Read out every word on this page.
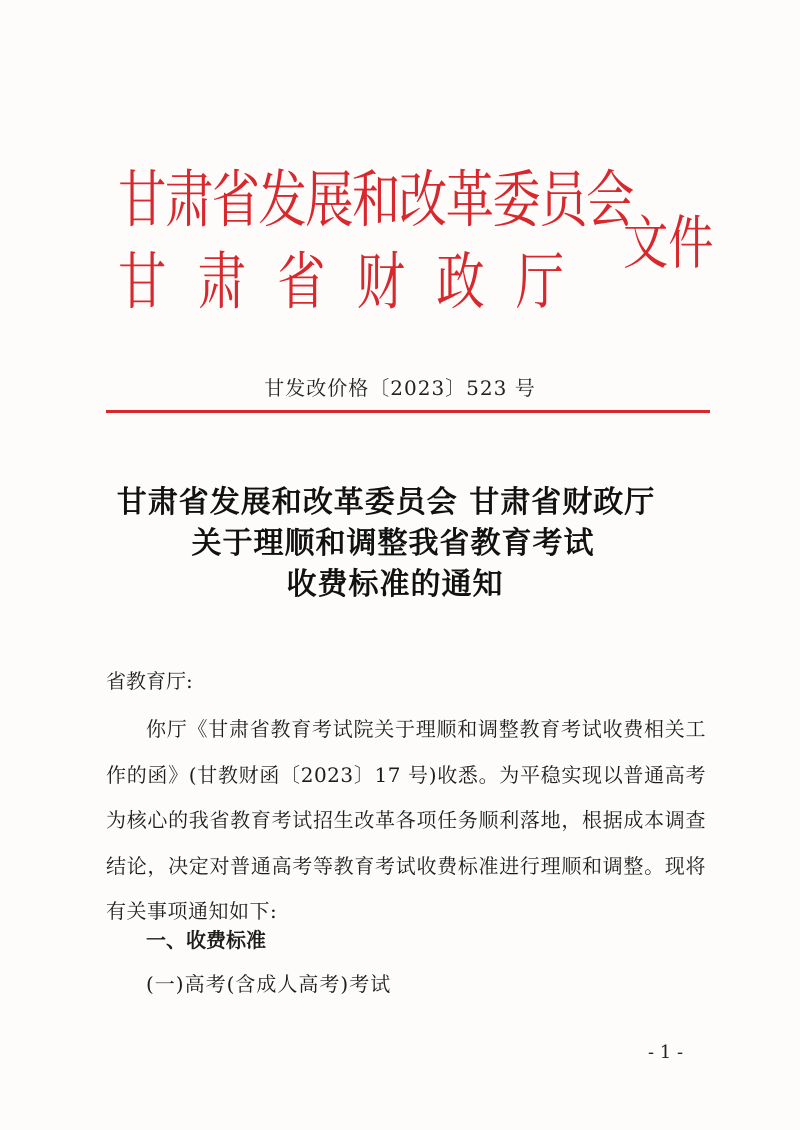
甘肃省发展和改革委员会
甘肃省财政厅
文件
甘发改价格〔2023〕523 号
甘肃省发展和改革委员会 甘肃省财政厅
关于理顺和调整我省教育考试
收费标准的通知
省教育厅:
你厅《甘肃省教育考试院关于理顺和调整教育考试收费相关工作的函》(甘教财函〔2023〕17 号)收悉。为平稳实现以普通高考为核心的我省教育考试招生改革各项任务顺利落地，根据成本调查结论，决定对普通高考等教育考试收费标准进行理顺和调整。现将有关事项通知如下:
一、收费标准
(一)高考(含成人高考)考试
- 1 -
